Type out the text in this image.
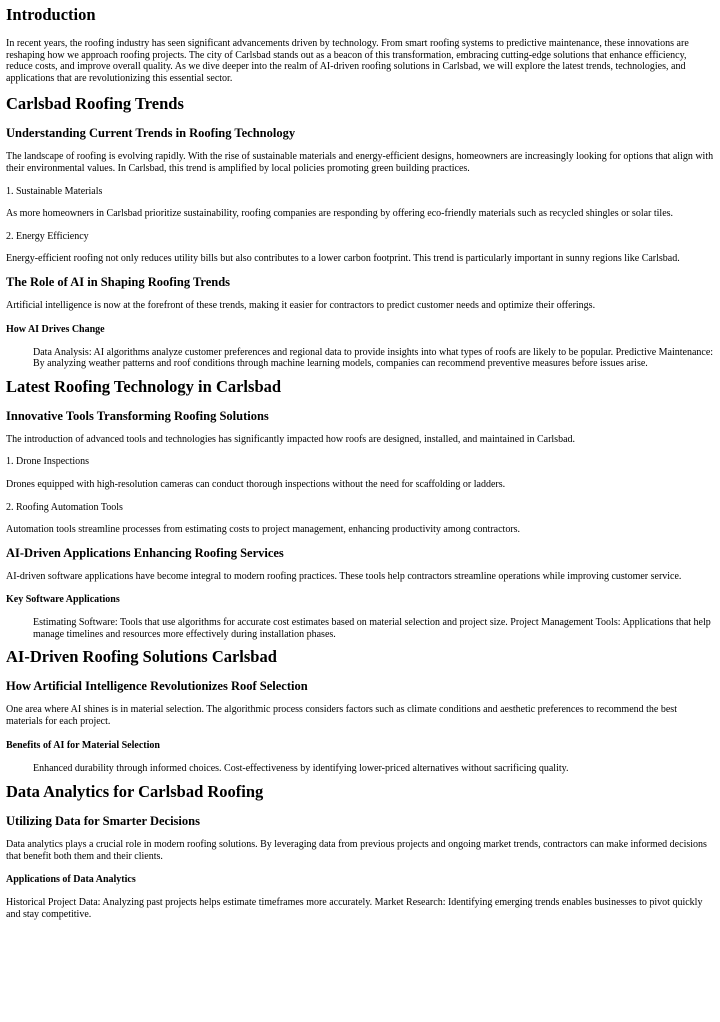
Introduction

In recent years, the roofing industry has seen significant advancements driven by technology. From smart roofing systems to predictive maintenance, these innovations are reshaping how we approach roofing projects. The city of Carlsbad stands out as a beacon of this transformation, embracing cutting-edge solutions that enhance efficiency, reduce costs, and improve overall quality. As we dive deeper into the realm of AI-driven roofing solutions in Carlsbad, we will explore the latest trends, technologies, and applications that are revolutionizing this essential sector.

Carlsbad Roofing Trends
Understanding Current Trends in Roofing Technology

The landscape of roofing is evolving rapidly. With the rise of sustainable materials and energy-efficient designs, homeowners are increasingly looking for options that align with their environmental values. In Carlsbad, this trend is amplified by local policies promoting green building practices.

1. Sustainable Materials

As more homeowners in Carlsbad prioritize sustainability, roofing companies are responding by offering eco-friendly materials such as recycled shingles or solar tiles.

2. Energy Efficiency

Energy-efficient roofing not only reduces utility bills but also contributes to a lower carbon footprint. This trend is particularly important in sunny regions like Carlsbad.

The Role of AI in Shaping Roofing Trends

Artificial intelligence is now at the forefront of these trends, making it easier for contractors to predict customer needs and optimize their offerings.

How AI Drives Change

Data Analysis: AI algorithms analyze customer preferences and regional data to provide insights into what types of roofs are likely to be popular. Predictive Maintenance: By analyzing weather patterns and roof conditions through machine learning models, companies can recommend preventive measures before issues arise.

Latest Roofing Technology in Carlsbad
Innovative Tools Transforming Roofing Solutions

The introduction of advanced tools and technologies has significantly impacted how roofs are designed, installed, and maintained in Carlsbad.

1. Drone Inspections

Drones equipped with high-resolution cameras can conduct thorough inspections without the need for scaffolding or ladders.

2. Roofing Automation Tools

Automation tools streamline processes from estimating costs to project management, enhancing productivity among contractors.

AI-Driven Applications Enhancing Roofing Services

AI-driven software applications have become integral to modern roofing practices. These tools help contractors streamline operations while improving customer service.

Key Software Applications

Estimating Software: Tools that use algorithms for accurate cost estimates based on material selection and project size. Project Management Tools: Applications that help manage timelines and resources more effectively during installation phases.

AI-Driven Roofing Solutions Carlsbad
How Artificial Intelligence Revolutionizes Roof Selection

One area where AI shines is in material selection. The algorithmic process considers factors such as climate conditions and aesthetic preferences to recommend the best materials for each project.

Benefits of AI for Material Selection

Enhanced durability through informed choices. Cost-effectiveness by identifying lower-priced alternatives without sacrificing quality.

Data Analytics for Carlsbad Roofing
Utilizing Data for Smarter Decisions

Data analytics plays a crucial role in modern roofing solutions. By leveraging data from previous projects and ongoing market trends, contractors can make informed decisions that benefit both them and their clients.

Applications of Data Analytics

Historical Project Data: Analyzing past projects helps estimate timeframes more accurately. Market Research: Identifying emerging trends enables businesses to pivot quickly and stay competitive.
